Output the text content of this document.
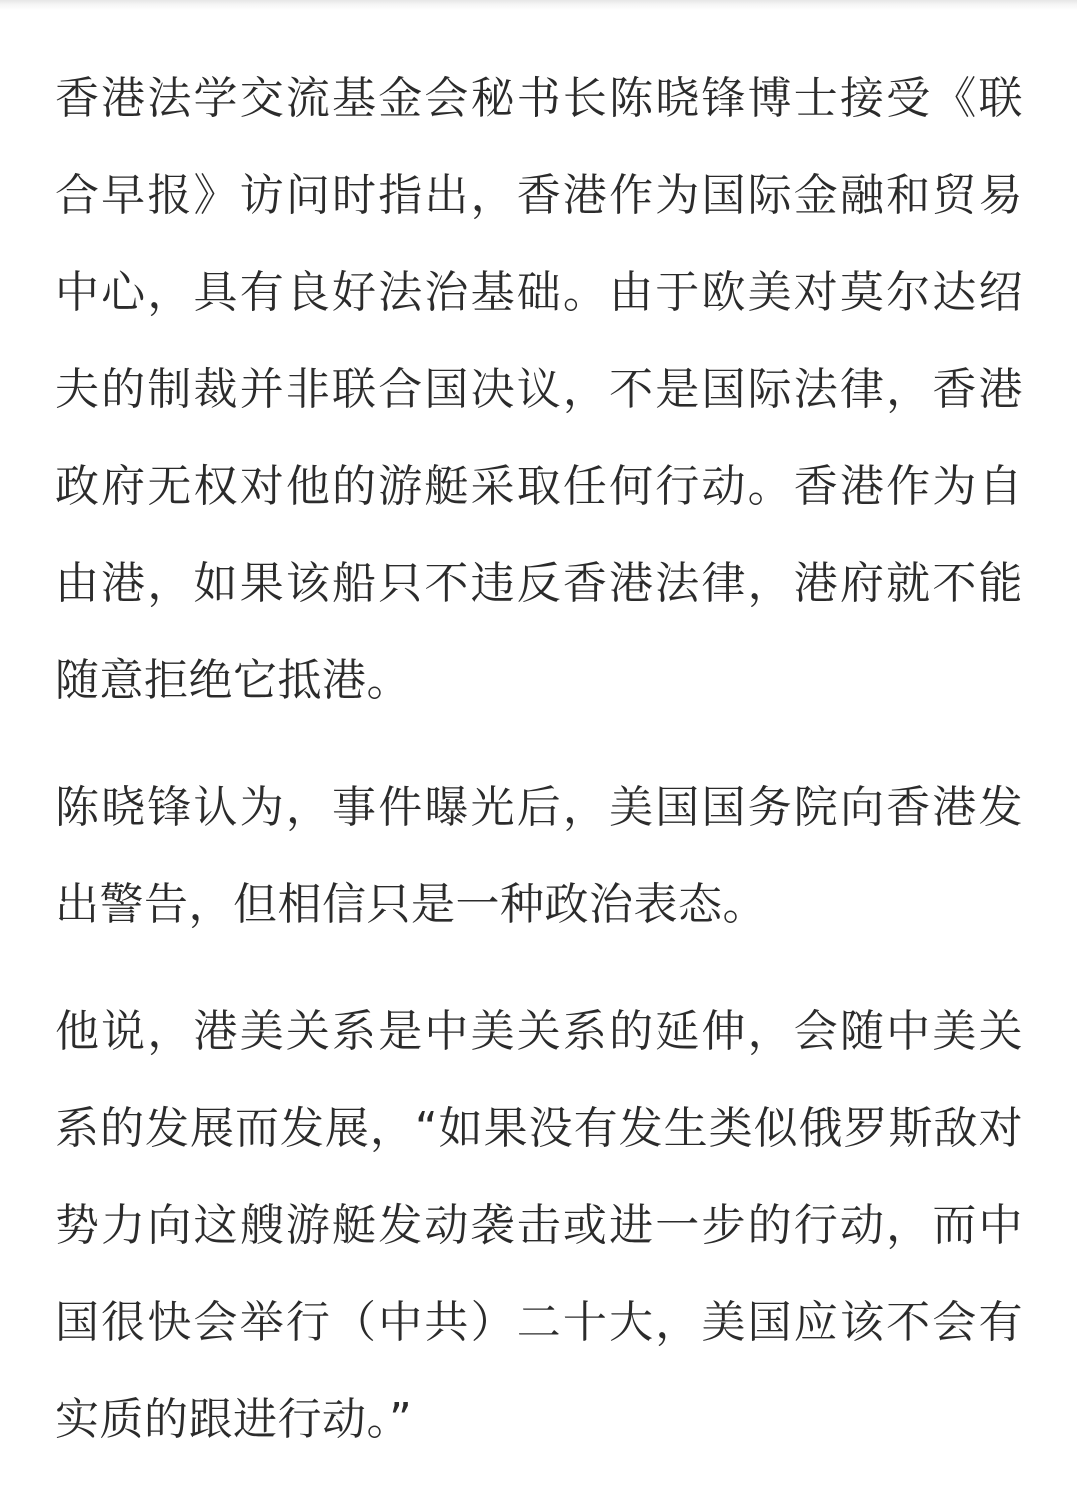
香港法学交流基金会秘书长陈晓锋博士接受《联合早报》访问时指出，香港作为国际金融和贸易中心，具有良好法治基础。由于欧美对莫尔达绍夫的制裁并非联合国决议，不是国际法律，香港政府无权对他的游艇采取任何行动。香港作为自由港，如果该船只不违反香港法律，港府就不能随意拒绝它抵港。

陈晓锋认为，事件曝光后，美国国务院向香港发出警告，但相信只是一种政治表态。

他说，港美关系是中美关系的延伸，会随中美关系的发展而发展，“如果没有发生类似俄罗斯敌对势力向这艘游艇发动袭击或进一步的行动，而中国很快会举行（中共）二十大，美国应该不会有实质的跟进行动。”
